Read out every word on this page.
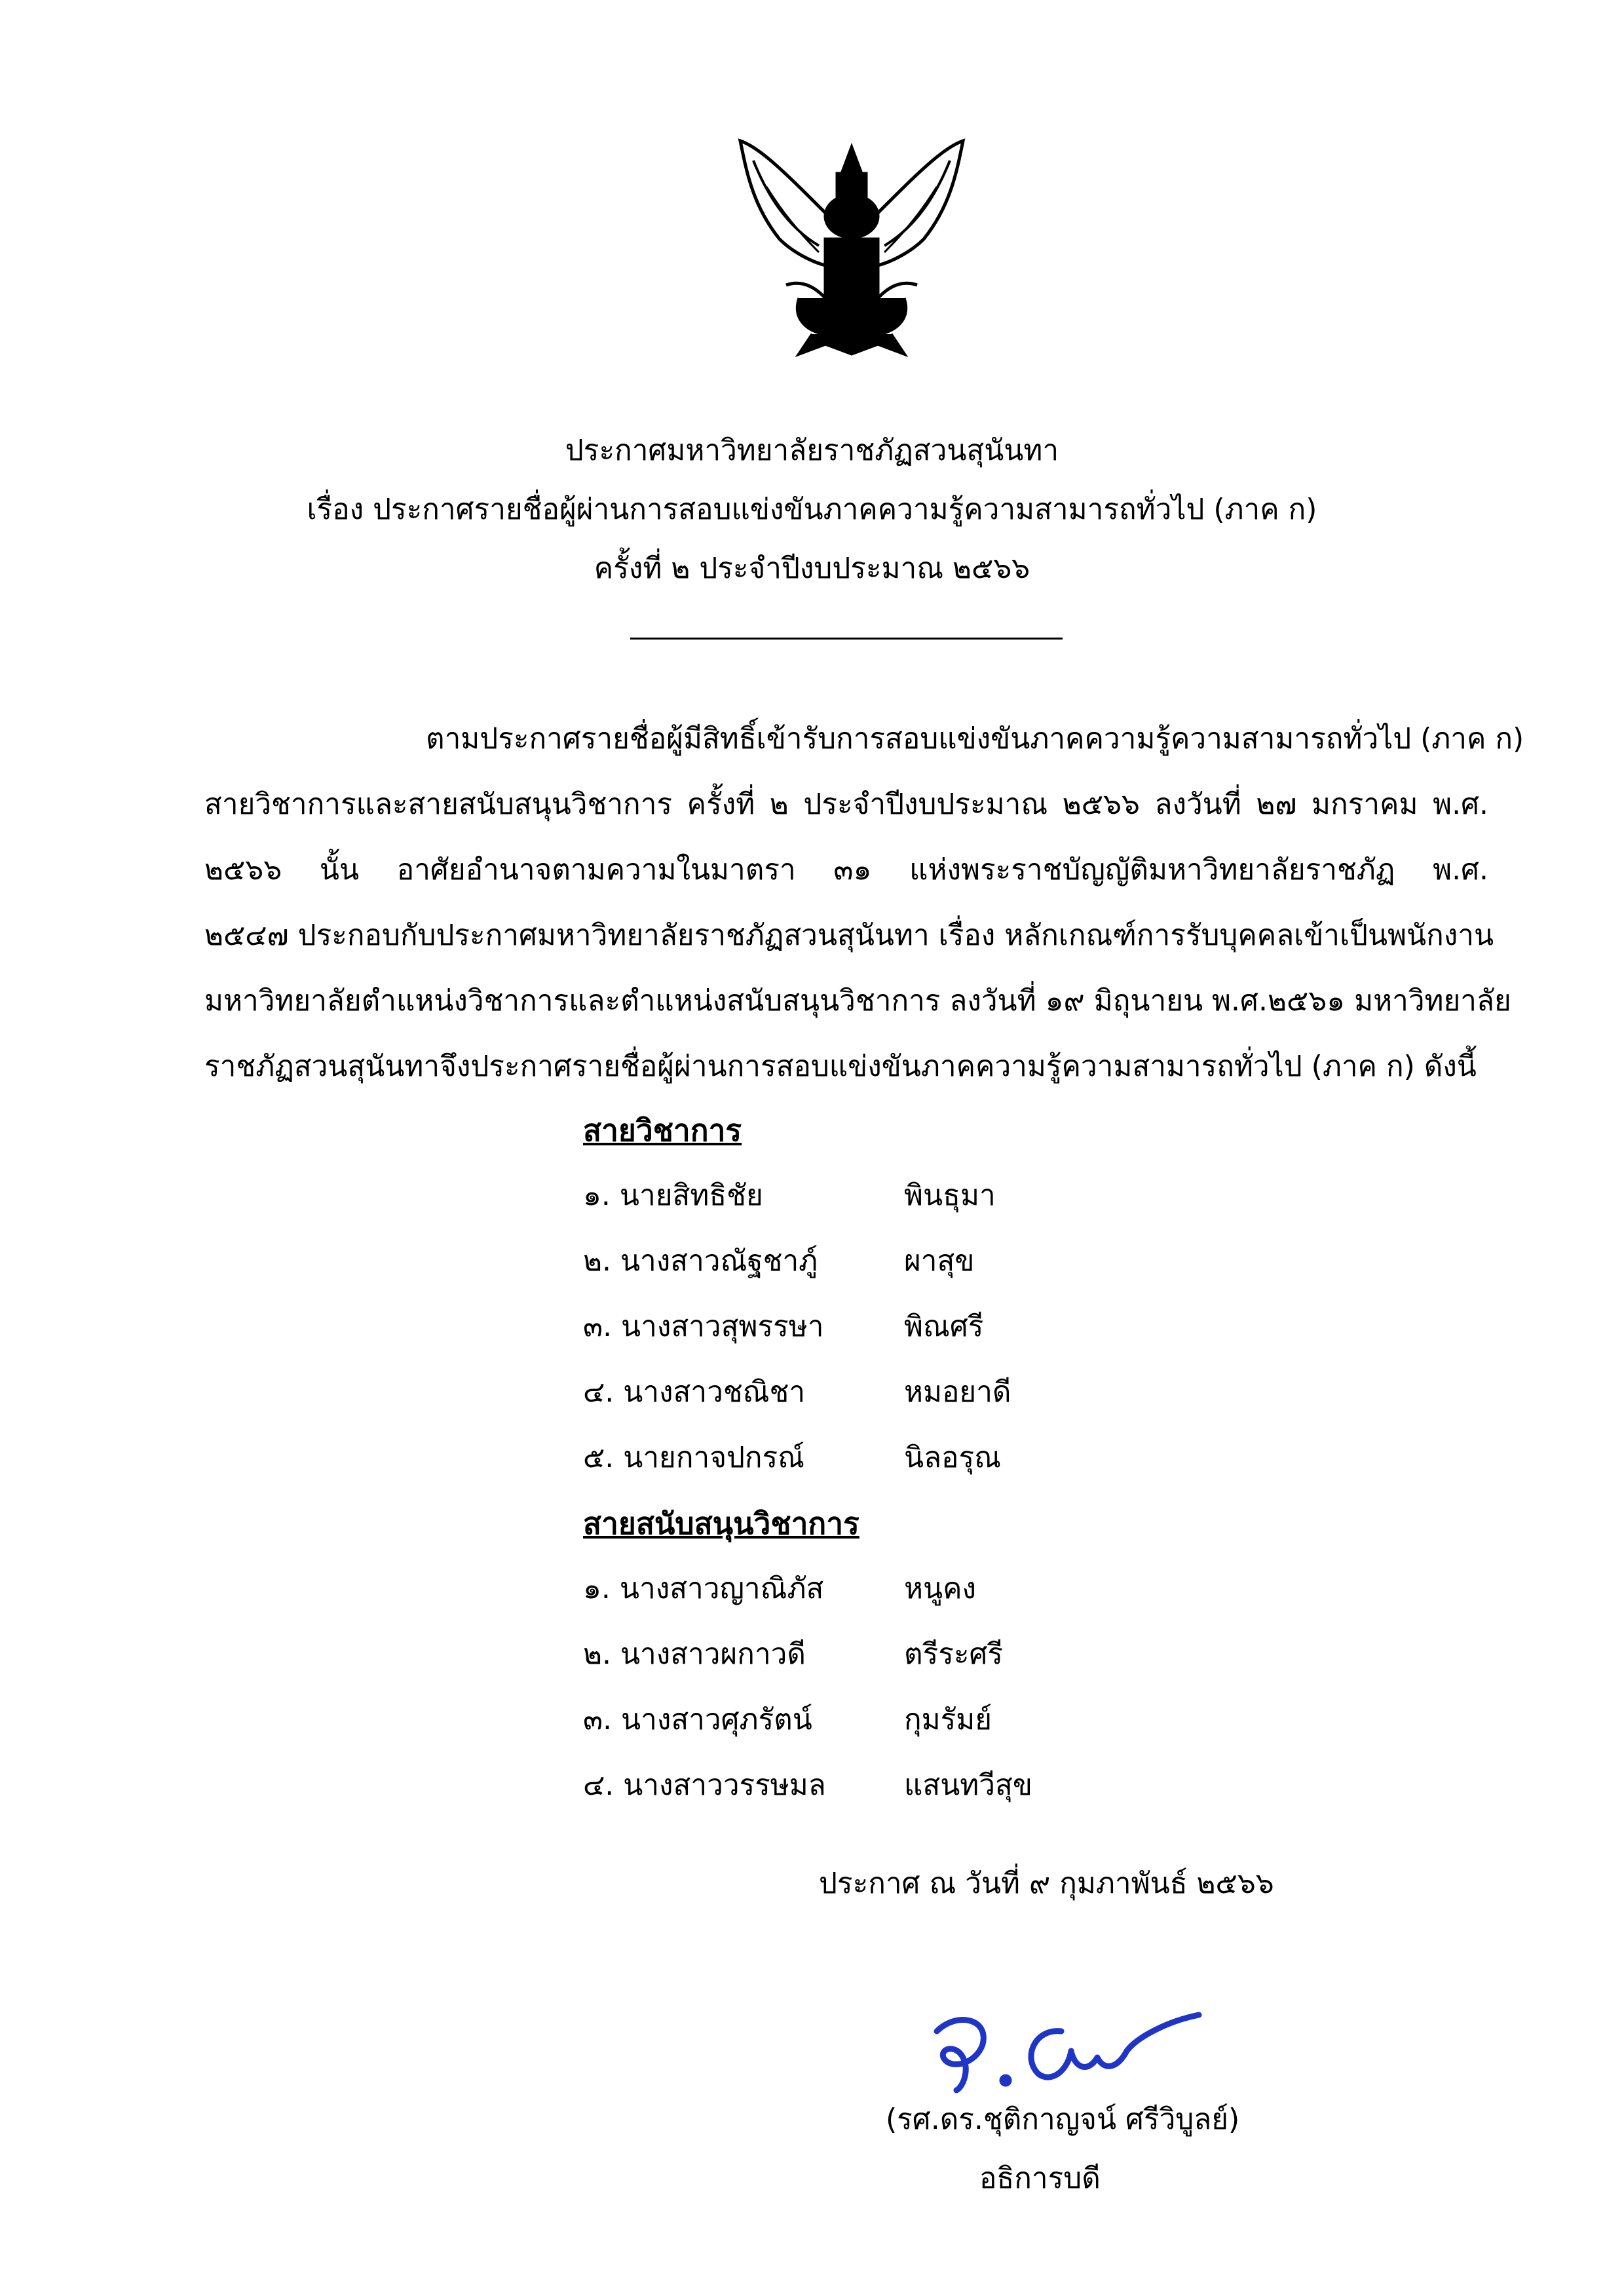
ประกาศมหาวิทยาลัยราชภัฏสวนสุนันทา
เรื่อง ประกาศรายชื่อผู้ผ่านการสอบแข่งขันภาคความรู้ความสามารถทั่วไป (ภาค ก)
ครั้งที่ ๒ ประจำปีงบประมาณ ๒๕๖๖
ตามประกาศรายชื่อผู้มีสิทธิ์เข้ารับการสอบแข่งขันภาคความรู้ความสามารถทั่วไป (ภาค ก)
สายวิชาการและสายสนับสนุนวิชาการ ครั้งที่ ๒ ประจำปีงบประมาณ ๒๕๖๖ ลงวันที่ ๒๗ มกราคม พ.ศ.
๒๕๖๖ นั้น อาศัยอำนาจตามความในมาตรา ๓๑ แห่งพระราชบัญญัติมหาวิทยาลัยราชภัฏ พ.ศ.
๒๕๔๗ ประกอบกับประกาศมหาวิทยาลัยราชภัฏสวนสุนันทา เรื่อง หลักเกณฑ์การรับบุคคลเข้าเป็นพนักงาน
มหาวิทยาลัยตำแหน่งวิชาการและตำแหน่งสนับสนุนวิชาการ ลงวันที่ ๑๙ มิถุนายน พ.ศ.๒๕๖๑ มหาวิทยาลัย
ราชภัฏสวนสุนันทาจึงประกาศรายชื่อผู้ผ่านการสอบแข่งขันภาคความรู้ความสามารถทั่วไป (ภาค ก) ดังนี้
สายวิชาการ
๑. นายสิทธิชัย	พินธุมา
๒. นางสาวณัฐชาภู์	ผาสุข
๓. นางสาวสุพรรษา	พิณศรี
๔. นางสาวชณิชา	หมอยาดี
๕. นายกาจปกรณ์	นิลอรุณ
สายสนับสนุนวิชาการ
๑. นางสาวญาณิภัส	หนูคง
๒. นางสาวผกาวดี	ตรีระศรี
๓. นางสาวศุภรัตน์	กุมรัมย์
๔. นางสาววรรษมล	แสนทวีสุข
ประกาศ ณ วันที่ ๙ กุมภาพันธ์ ๒๕๖๖
(รศ.ดร.ชุติกาญจน์ ศรีวิบูลย์)
อธิการบดี
